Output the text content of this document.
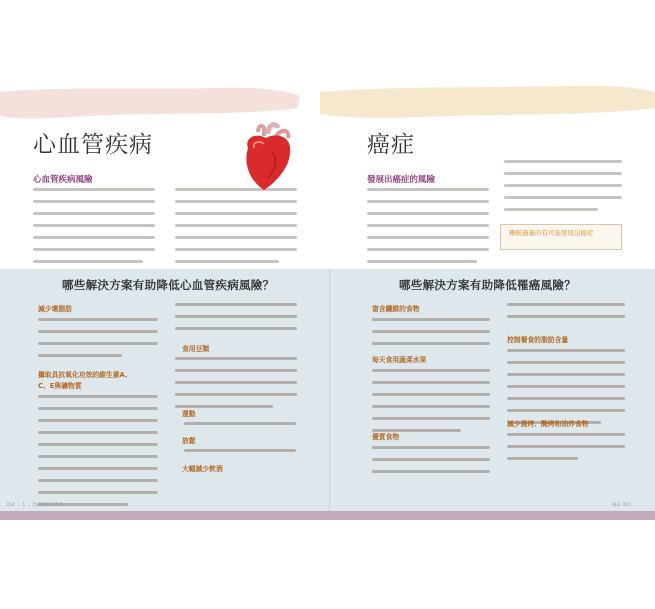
心血管疾病
心血管疾病風險
癌症
發展出癌症的風險
糟糕過量的有可能發展出癌症
哪些解決方案有助降低心血管疾病風險？	哪些解決方案有助降低罹癌風險？
減少壞脂肪
攝取具抗氧化功效的維生素A、
C、E與礦物質
食用豆類
運動
放鬆
大幅減少飲酒
富含纖維的食物
每天食用蔬菜水果
優質食物
控制餐食的脂肪含量
減少燒烤、醃烤和油炸食物
314 ｜ 5 ｜ 冰箱裡的大革命	癌症 315
